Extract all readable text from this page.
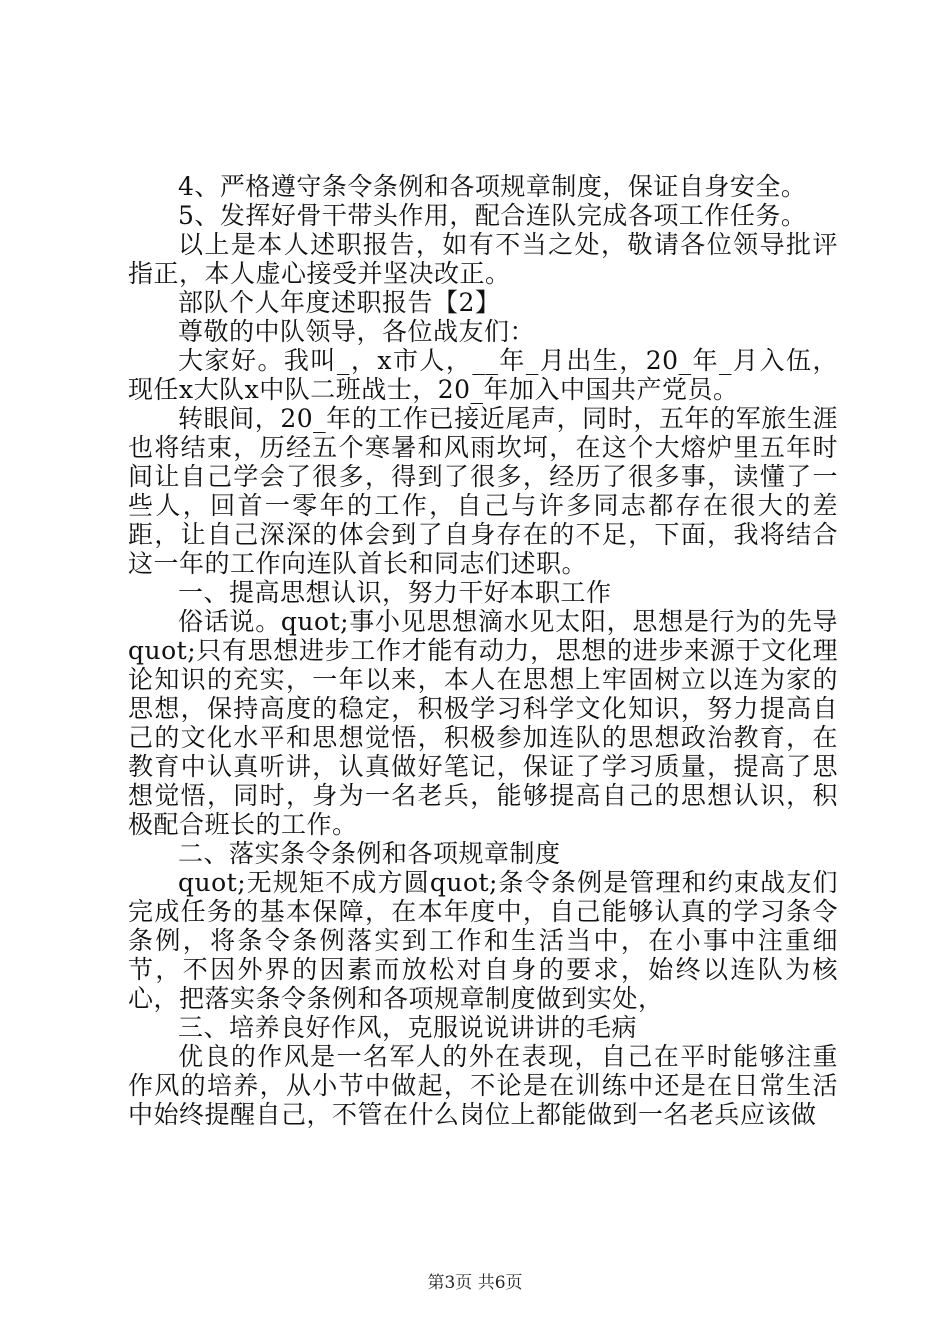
4、严格遵守条令条例和各项规章制度，保证自身安全。

5、发挥好骨干带头作用，配合连队完成各项工作任务。

以上是本人述职报告，如有不当之处，敬请各位领导批评指正，本人虚心接受并坚决改正。

部队个人年度述职报告【2】

尊敬的中队领导，各位战友们：

大家好。我叫_，x市人，__年_月出生，20_年_月入伍，现任x大队x中队二班战士，20_年加入中国共产党员。

转眼间，20_年的工作已接近尾声，同时，五年的军旅生涯也将结束，历经五个寒暑和风雨坎坷，在这个大熔炉里五年时间让自己学会了很多，得到了很多，经历了很多事，读懂了一些人，回首一零年的工作，自己与许多同志都存在很大的差距，让自己深深的体会到了自身存在的不足，下面，我将结合这一年的工作向连队首长和同志们述职。

一、提高思想认识，努力干好本职工作

俗话说。quot;事小见思想滴水见太阳，思想是行为的先导quot;只有思想进步工作才能有动力，思想的进步来源于文化理论知识的充实，一年以来，本人在思想上牢固树立以连为家的思想，保持高度的稳定，积极学习科学文化知识，努力提高自己的文化水平和思想觉悟，积极参加连队的思想政治教育，在教育中认真听讲，认真做好笔记，保证了学习质量，提高了思想觉悟，同时，身为一名老兵，能够提高自己的思想认识，积极配合班长的工作。

二、落实条令条例和各项规章制度

quot;无规矩不成方圆quot;条令条例是管理和约束战友们完成任务的基本保障，在本年度中，自己能够认真的学习条令条例，将条令条例落实到工作和生活当中，在小事中注重细节，不因外界的因素而放松对自身的要求，始终以连队为核心，把落实条令条例和各项规章制度做到实处，

三、培养良好作风，克服说说讲讲的毛病

优良的作风是一名军人的外在表现，自己在平时能够注重作风的培养，从小节中做起，不论是在训练中还是在日常生活中始终提醒自己，不管在什么岗位上都能做到一名老兵应该做

第3页 共6页
